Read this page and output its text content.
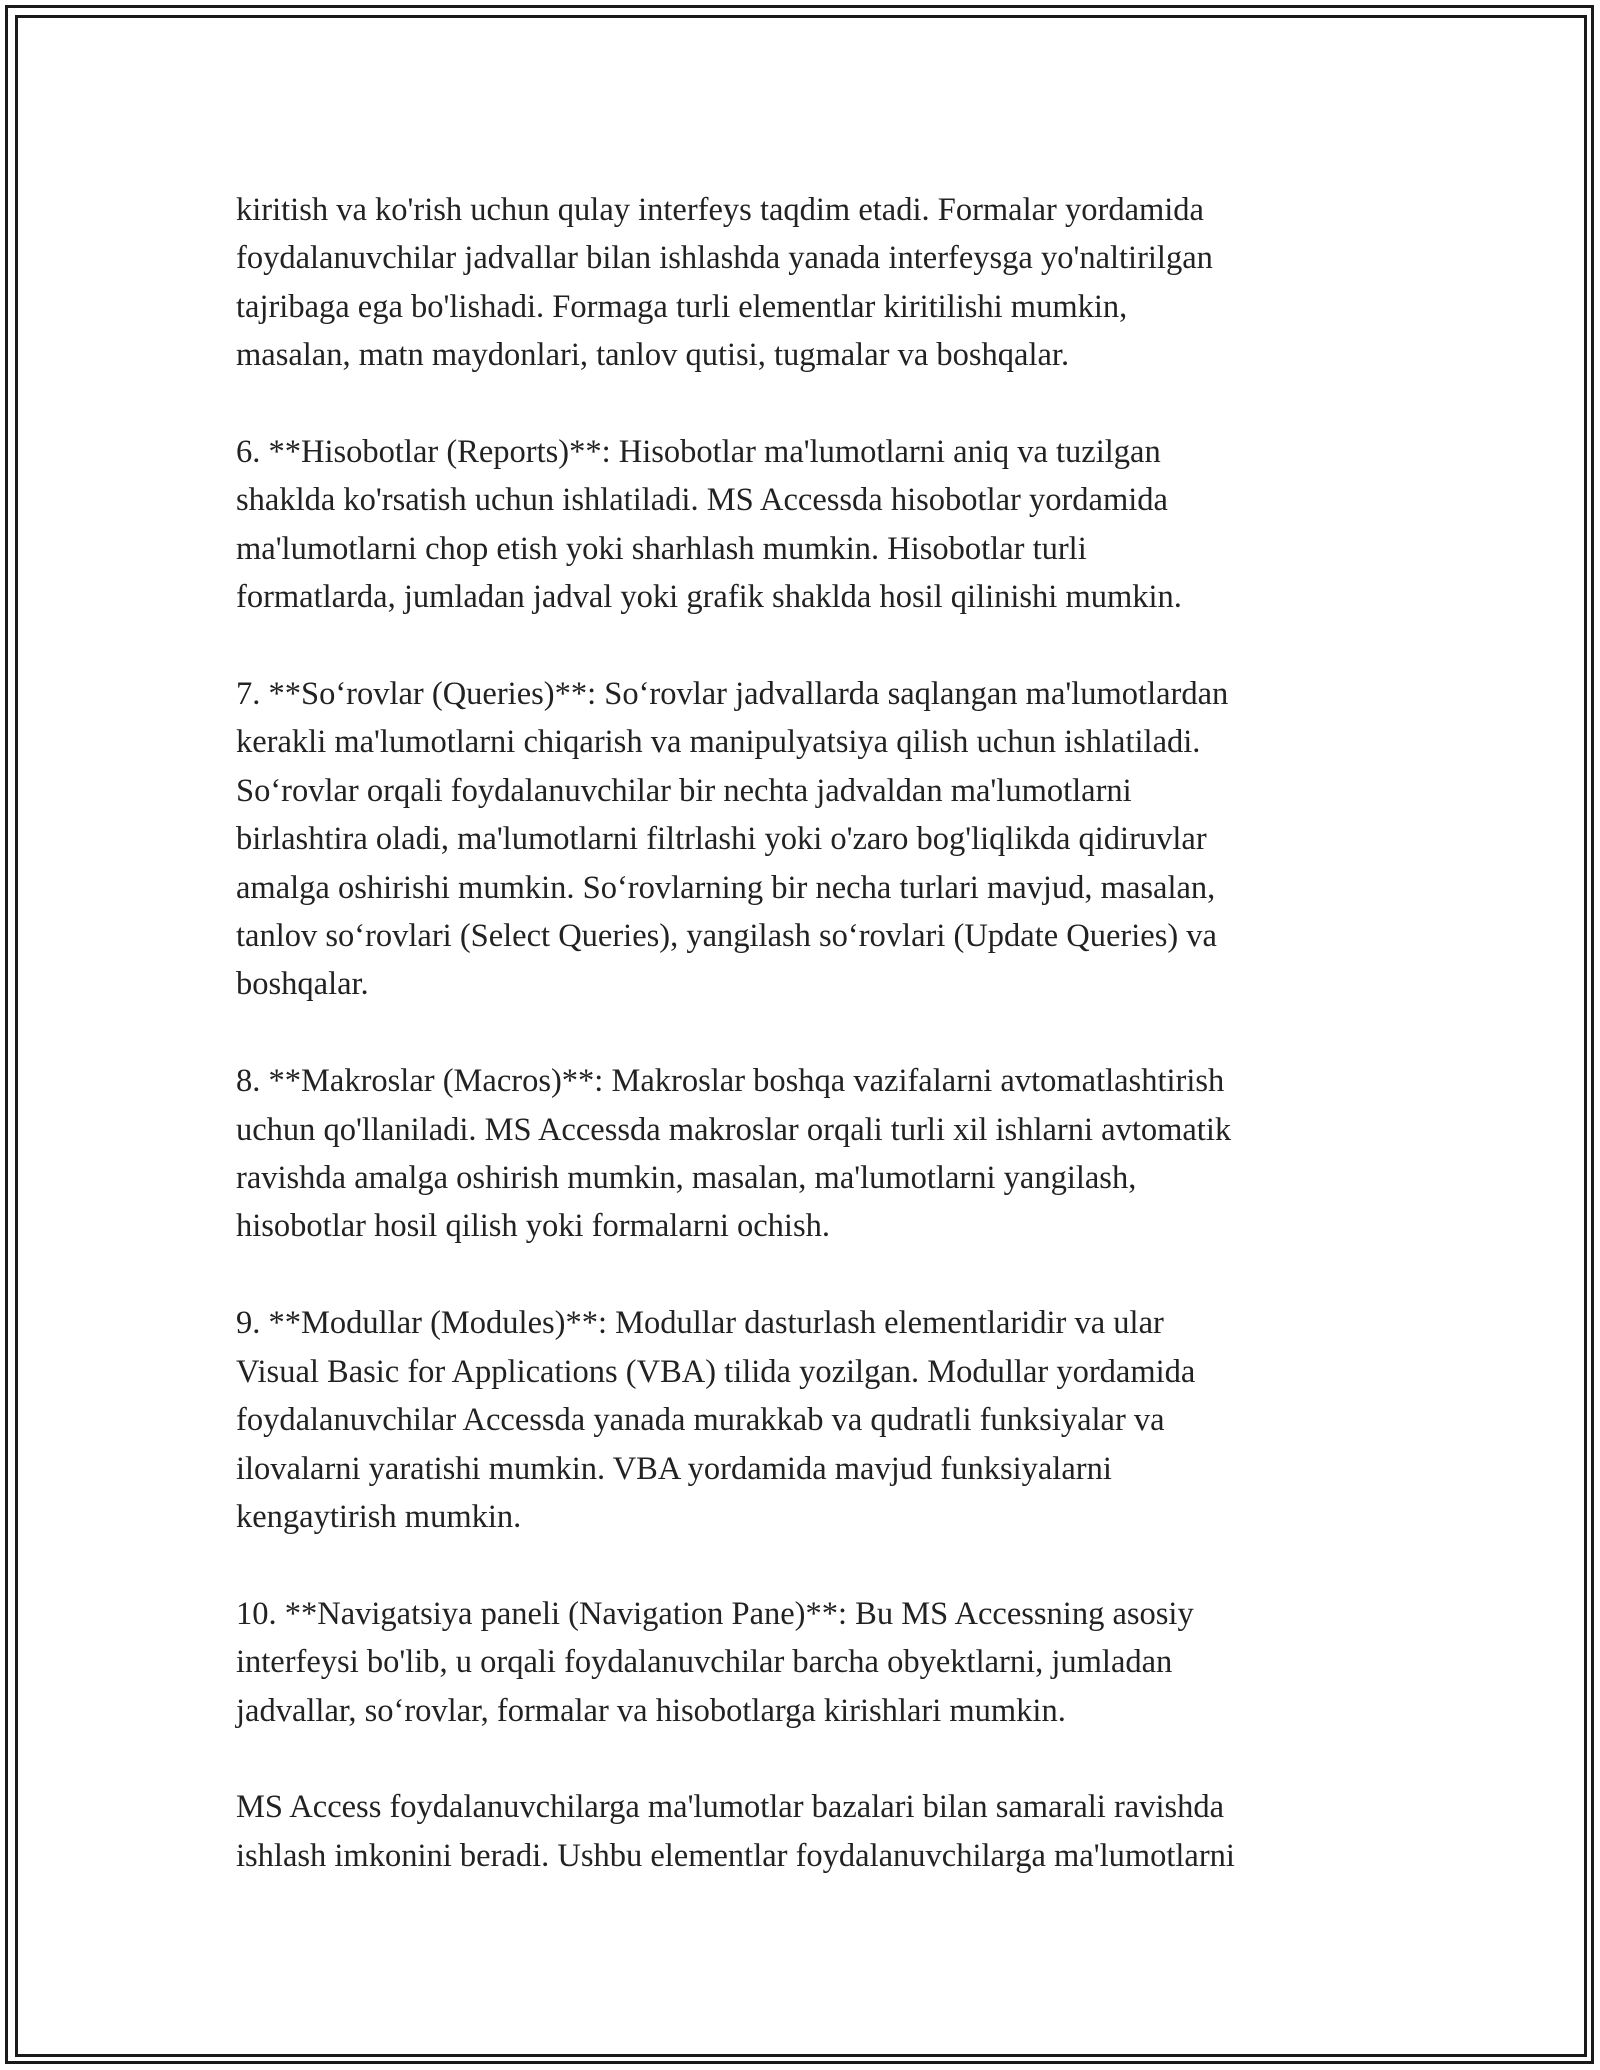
kiritish va ko'rish uchun qulay interfeys taqdim etadi. Formalar yordamida
foydalanuvchilar jadvallar bilan ishlashda yanada interfeysga yo'naltirilgan
tajribaga ega bo'lishadi. Formaga turli elementlar kiritilishi mumkin,
masalan, matn maydonlari, tanlov qutisi, tugmalar va boshqalar.
6. **Hisobotlar (Reports)**: Hisobotlar ma'lumotlarni aniq va tuzilgan
shaklda ko'rsatish uchun ishlatiladi. MS Accessda hisobotlar yordamida
ma'lumotlarni chop etish yoki sharhlash mumkin. Hisobotlar turli
formatlarda, jumladan jadval yoki grafik shaklda hosil qilinishi mumkin.
7. **So‘rovlar (Queries)**: So‘rovlar jadvallarda saqlangan ma'lumotlardan
kerakli ma'lumotlarni chiqarish va manipulyatsiya qilish uchun ishlatiladi.
So‘rovlar orqali foydalanuvchilar bir nechta jadvaldan ma'lumotlarni
birlashtira oladi, ma'lumotlarni filtrlashi yoki o'zaro bog'liqlikda qidiruvlar
amalga oshirishi mumkin. So‘rovlarning bir necha turlari mavjud, masalan,
tanlov so‘rovlari (Select Queries), yangilash so‘rovlari (Update Queries) va
boshqalar.
8. **Makroslar (Macros)**: Makroslar boshqa vazifalarni avtomatlashtirish
uchun qo'llaniladi. MS Accessda makroslar orqali turli xil ishlarni avtomatik
ravishda amalga oshirish mumkin, masalan, ma'lumotlarni yangilash,
hisobotlar hosil qilish yoki formalarni ochish.
9. **Modullar (Modules)**: Modullar dasturlash elementlaridir va ular
Visual Basic for Applications (VBA) tilida yozilgan. Modullar yordamida
foydalanuvchilar Accessda yanada murakkab va qudratli funksiyalar va
ilovalarni yaratishi mumkin. VBA yordamida mavjud funksiyalarni
kengaytirish mumkin.
10. **Navigatsiya paneli (Navigation Pane)**: Bu MS Accessning asosiy
interfeysi bo'lib, u orqali foydalanuvchilar barcha obyektlarni, jumladan
jadvallar, so‘rovlar, formalar va hisobotlarga kirishlari mumkin.
MS Access foydalanuvchilarga ma'lumotlar bazalari bilan samarali ravishda
ishlash imkonini beradi. Ushbu elementlar foydalanuvchilarga ma'lumotlarni
